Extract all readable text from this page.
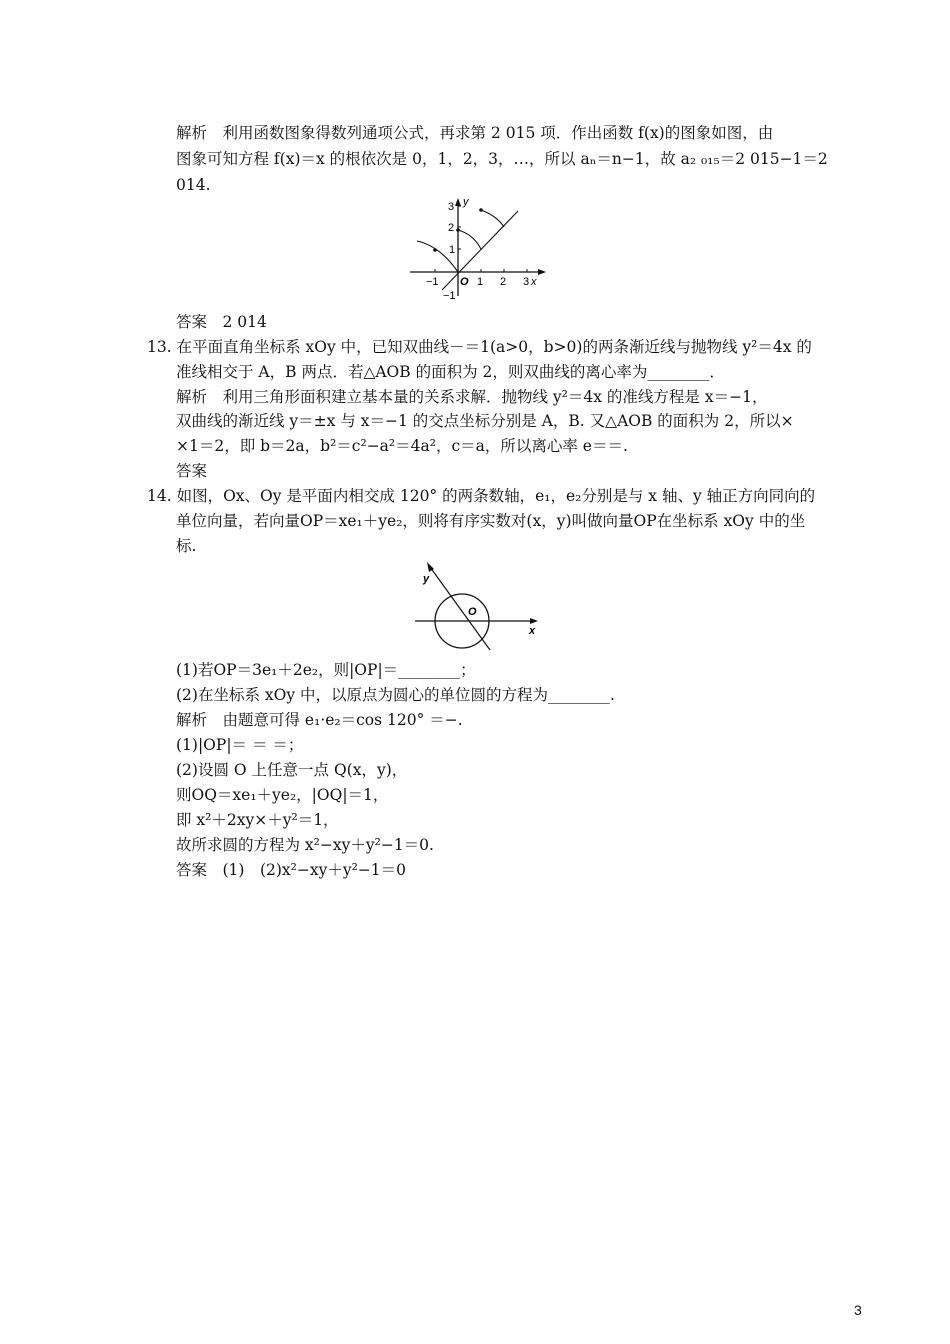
解析　利用函数图象得数列通项公式，再求第 2 015 项．作出函数 f(x)的图象如图，由
图象可知方程 f(x)＝x 的根依次是 0，1，2，3，…，所以 aₙ＝n−1，故 a₂ ₀₁₅＝2 015−1＝2
014.
y
3
2
1
−1 O 1 2 3 x
−1
答案　2 014
13. 在平面直角坐标系 xOy 中，已知双曲线－＝1(a>0，b>0)的两条渐近线与抛物线 y²＝4x 的
准线相交于 A，B 两点．若△AOB 的面积为 2，则双曲线的离心率为________．
解析　利用三角形面积建立基本量的关系求解．抛物线 y²＝4x 的准线方程是 x＝−1，
双曲线的渐近线 y＝±x 与 x＝−1 的交点坐标分别是 A，B. 又△AOB 的面积为 2，所以×
×1＝2，即 b＝2a，b²＝c²−a²＝4a²，c＝a，所以离心率 e＝＝.
答案
14. 如图，Ox、Oy 是平面内相交成 120° 的两条数轴，e₁，e₂分别是与 x 轴、y 轴正方向同向的
单位向量，若向量OP＝xe₁＋ye₂，则将有序实数对(x，y)叫做向量OP在坐标系 xOy 中的坐
标.
y
O
x
(1)若OP＝3e₁＋2e₂，则|OP|＝________；
(2)在坐标系 xOy 中，以原点为圆心的单位圆的方程为________.
解析　由题意可得 e₁·e₂＝cos 120° ＝−.
(1)|OP|＝ ＝ ＝；
(2)设圆 O 上任意一点 Q(x，y)，
则OQ＝xe₁＋ye₂，|OQ|＝1，
即 x²＋2xy×＋y²＝1，
故所求圆的方程为 x²−xy＋y²−1＝0.
答案　(1)　(2)x²−xy＋y²−1＝0
3
